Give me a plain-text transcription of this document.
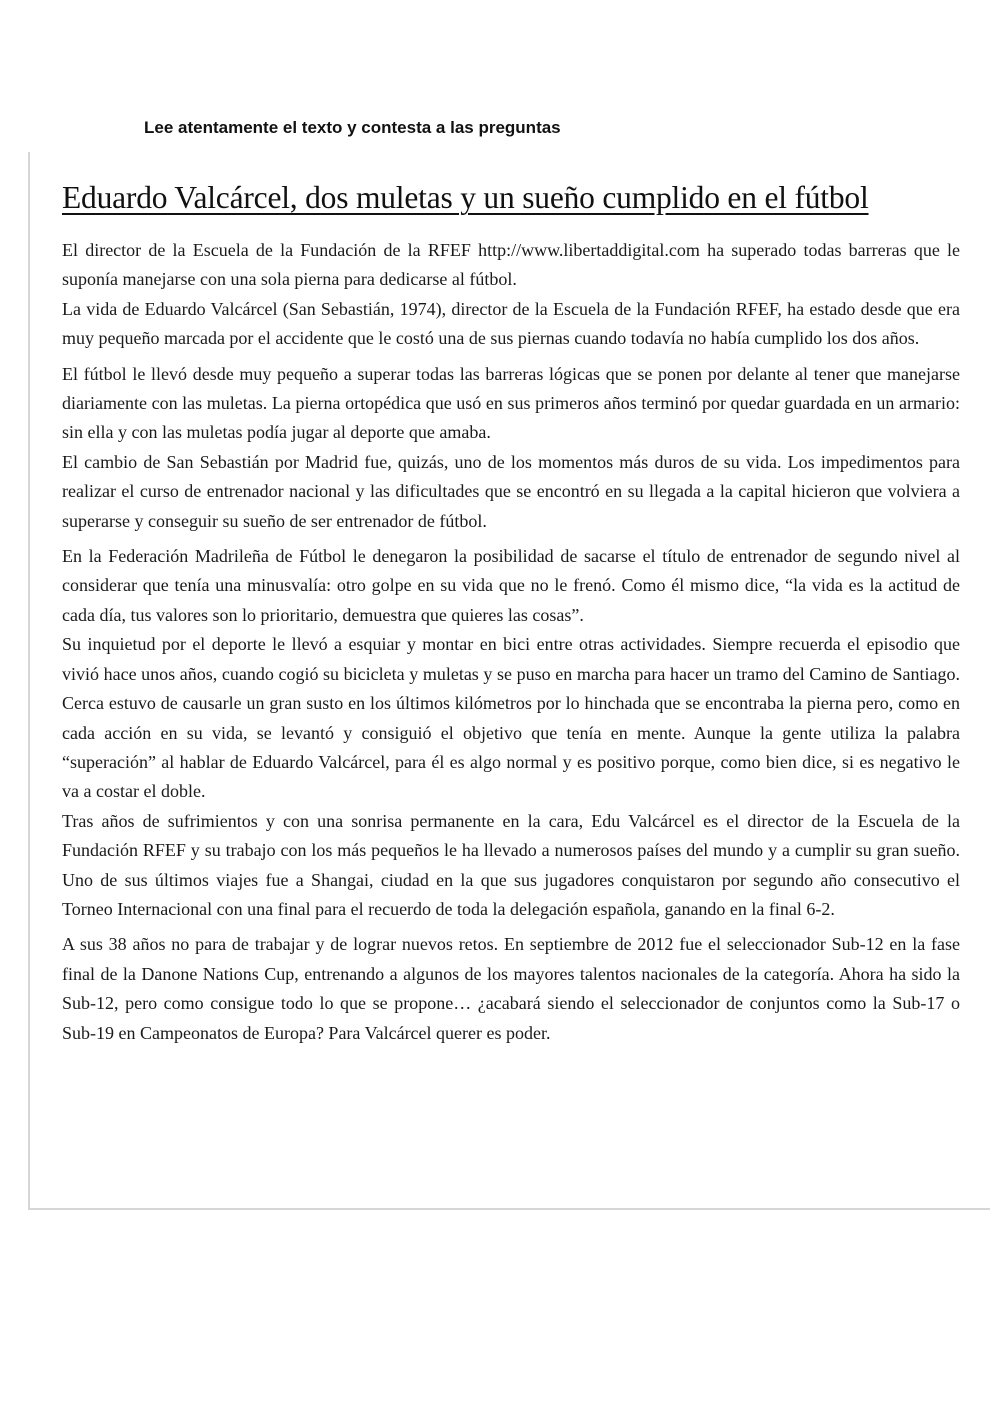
Lee atentamente el texto y contesta a las preguntas
Eduardo Valcárcel, dos muletas y un sueño cumplido en el fútbol

El director de la Escuela de la Fundación de la RFEF http://www.libertaddigital.com ha superado todas barreras que le suponía manejarse con una sola pierna para dedicarse al fútbol.

La vida de Eduardo Valcárcel (San Sebastián, 1974), director de la Escuela de la Fundación RFEF, ha estado desde que era muy pequeño marcada por el accidente que le costó una de sus piernas cuando todavía no había cumplido los dos años.

El fútbol le llevó desde muy pequeño a superar todas las barreras lógicas que se ponen por delante al tener que manejarse diariamente con las muletas. La pierna ortopédica que usó en sus primeros años terminó por quedar guardada en un armario: sin ella y con las muletas podía jugar al deporte que amaba.

El cambio de San Sebastián por Madrid fue, quizás, uno de los momentos más duros de su vida. Los impedimentos para realizar el curso de entrenador nacional y las dificultades que se encontró en su llegada a la capital hicieron que volviera a superarse y conseguir su sueño de ser entrenador de fútbol.

En la Federación Madrileña de Fútbol le denegaron la posibilidad de sacarse el título de entrenador de segundo nivel al considerar que tenía una minusvalía: otro golpe en su vida que no le frenó. Como él mismo dice, “la vida es la actitud de cada día, tus valores son lo prioritario, demuestra que quieres las cosas”.

Su inquietud por el deporte le llevó a esquiar y montar en bici entre otras actividades. Siempre recuerda el episodio que vivió hace unos años, cuando cogió su bicicleta y muletas y se puso en marcha para hacer un tramo del Camino de Santiago. Cerca estuvo de causarle un gran susto en los últimos kilómetros por lo hinchada que se encontraba la pierna pero, como en cada acción en su vida, se levantó y consiguió el objetivo que tenía en mente. Aunque la gente utiliza la palabra “superación” al hablar de Eduardo Valcárcel, para él es algo normal y es positivo porque, como bien dice, si es negativo le va a costar el doble.

Tras años de sufrimientos y con una sonrisa permanente en la cara, Edu Valcárcel es el director de la Escuela de la Fundación RFEF y su trabajo con los más pequeños le ha llevado a numerosos países del mundo y a cumplir su gran sueño. Uno de sus últimos viajes fue a Shangai, ciudad en la que sus jugadores conquistaron por segundo año consecutivo el Torneo Internacional con una final para el recuerdo de toda la delegación española, ganando en la final 6-2.

A sus 38 años no para de trabajar y de lograr nuevos retos. En septiembre de 2012 fue el seleccionador Sub-12 en la fase final de la Danone Nations Cup, entrenando a algunos de los mayores talentos nacionales de la categoría. Ahora ha sido la Sub-12, pero como consigue todo lo que se propone… ¿acabará siendo el seleccionador de conjuntos como la Sub-17 o Sub-19 en Campeonatos de Europa? Para Valcárcel querer es poder.
